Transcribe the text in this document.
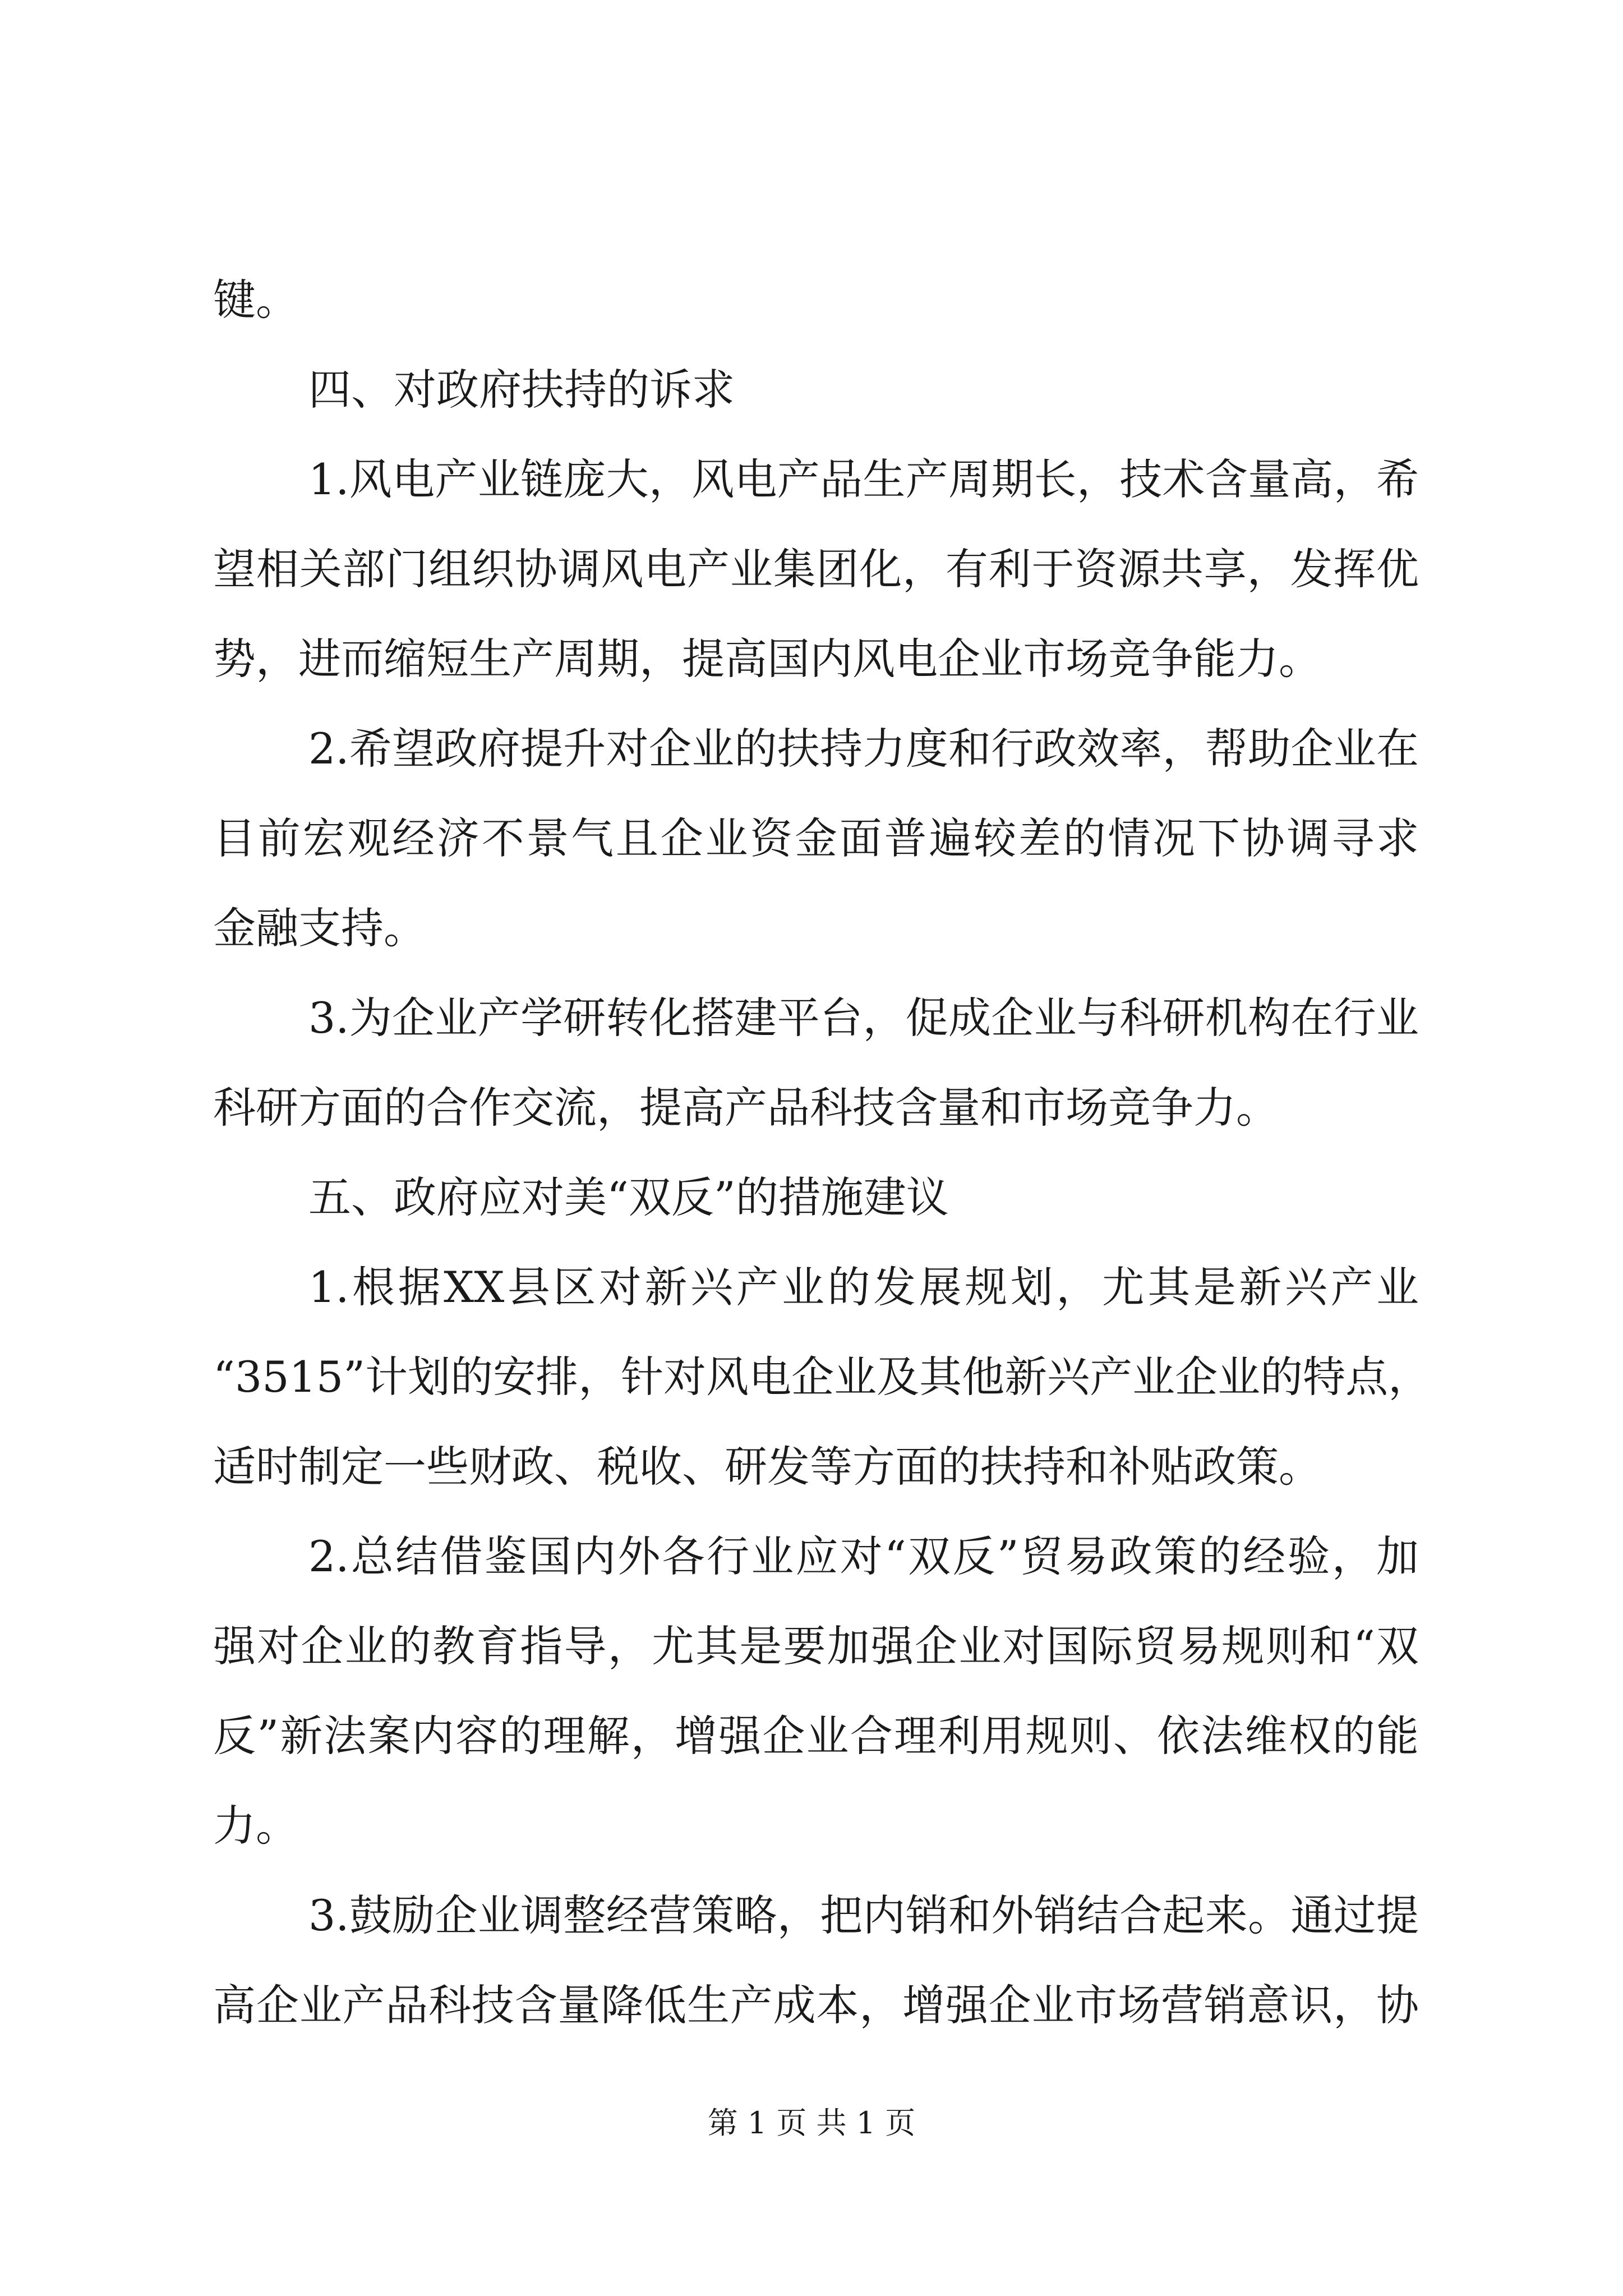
键。
四、对政府扶持的诉求
1.风电产业链庞大，风电产品生产周期长，技术含量高，希
望相关部门组织协调风电产业集团化，有利于资源共享，发挥优
势，进而缩短生产周期，提高国内风电企业市场竞争能力。
2.希望政府提升对企业的扶持力度和行政效率，帮助企业在
目前宏观经济不景气且企业资金面普遍较差的情况下协调寻求
金融支持。
3.为企业产学研转化搭建平台，促成企业与科研机构在行业
科研方面的合作交流，提高产品科技含量和市场竞争力。
五、政府应对美“双反”的措施建议
1.根据XX县区对新兴产业的发展规划，尤其是新兴产业
“3515”计划的安排，针对风电企业及其他新兴产业企业的特点，
适时制定一些财政、税收、研发等方面的扶持和补贴政策。
2.总结借鉴国内外各行业应对“双反”贸易政策的经验，加
强对企业的教育指导，尤其是要加强企业对国际贸易规则和“双
反”新法案内容的理解，增强企业合理利用规则、依法维权的能
力。
3.鼓励企业调整经营策略，把内销和外销结合起来。通过提
高企业产品科技含量降低生产成本，增强企业市场营销意识，协
第 1 页 共 1 页
